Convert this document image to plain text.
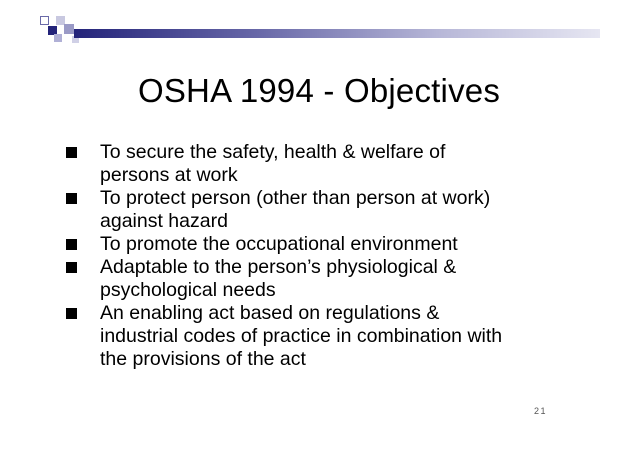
OSHA 1994 - Objectives
To secure the safety, health & welfare of
persons at work
To protect person (other than person at work)
against hazard
To promote the occupational environment
Adaptable to the person’s physiological &
psychological needs
An enabling act based on regulations &
industrial codes of practice in combination with
the provisions of the act
21
